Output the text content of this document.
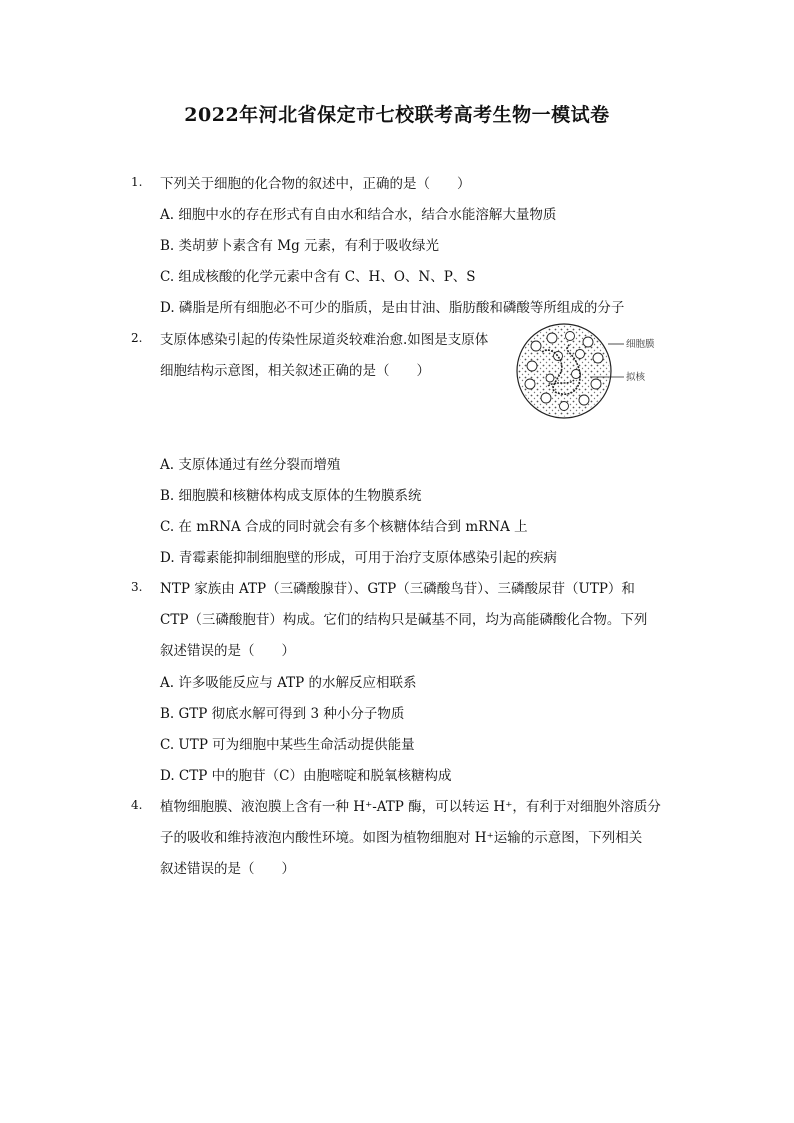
2022年河北省保定市七校联考高考生物一模试卷
1. 下列关于细胞的化合物的叙述中，正确的是（　　）
A. 细胞中水的存在形式有自由水和结合水，结合水能溶解大量物质
B. 类胡萝卜素含有 Mg 元素，有利于吸收绿光
C. 组成核酸的化学元素中含有 C、H、O、N、P、S
D. 磷脂是所有细胞必不可少的脂质，是由甘油、脂肪酸和磷酸等所组成的分子
2. 支原体感染引起的传染性尿道炎较难治愈.如图是支原体
细胞结构示意图，相关叙述正确的是（　　）
细胞膜
拟核
A. 支原体通过有丝分裂而增殖
B. 细胞膜和核糖体构成支原体的生物膜系统
C. 在 mRNA 合成的同时就会有多个核糖体结合到 mRNA 上
D. 青霉素能抑制细胞壁的形成，可用于治疗支原体感染引起的疾病
3. NTP 家族由 ATP（三磷酸腺苷）、GTP（三磷酸鸟苷）、三磷酸尿苷（UTP）和
CTP（三磷酸胞苷）构成。它们的结构只是碱基不同，均为高能磷酸化合物。下列
叙述错误的是（　　）
A. 许多吸能反应与 ATP 的水解反应相联系
B. GTP 彻底水解可得到 3 种小分子物质
C. UTP 可为细胞中某些生命活动提供能量
D. CTP 中的胞苷（C）由胞嘧啶和脱氧核糖构成
4. 植物细胞膜、液泡膜上含有一种 H⁺-ATP 酶，可以转运 H⁺，有利于对细胞外溶质分
子的吸收和维持液泡内酸性环境。如图为植物细胞对 H⁺运输的示意图，下列相关
叙述错误的是（　　）
